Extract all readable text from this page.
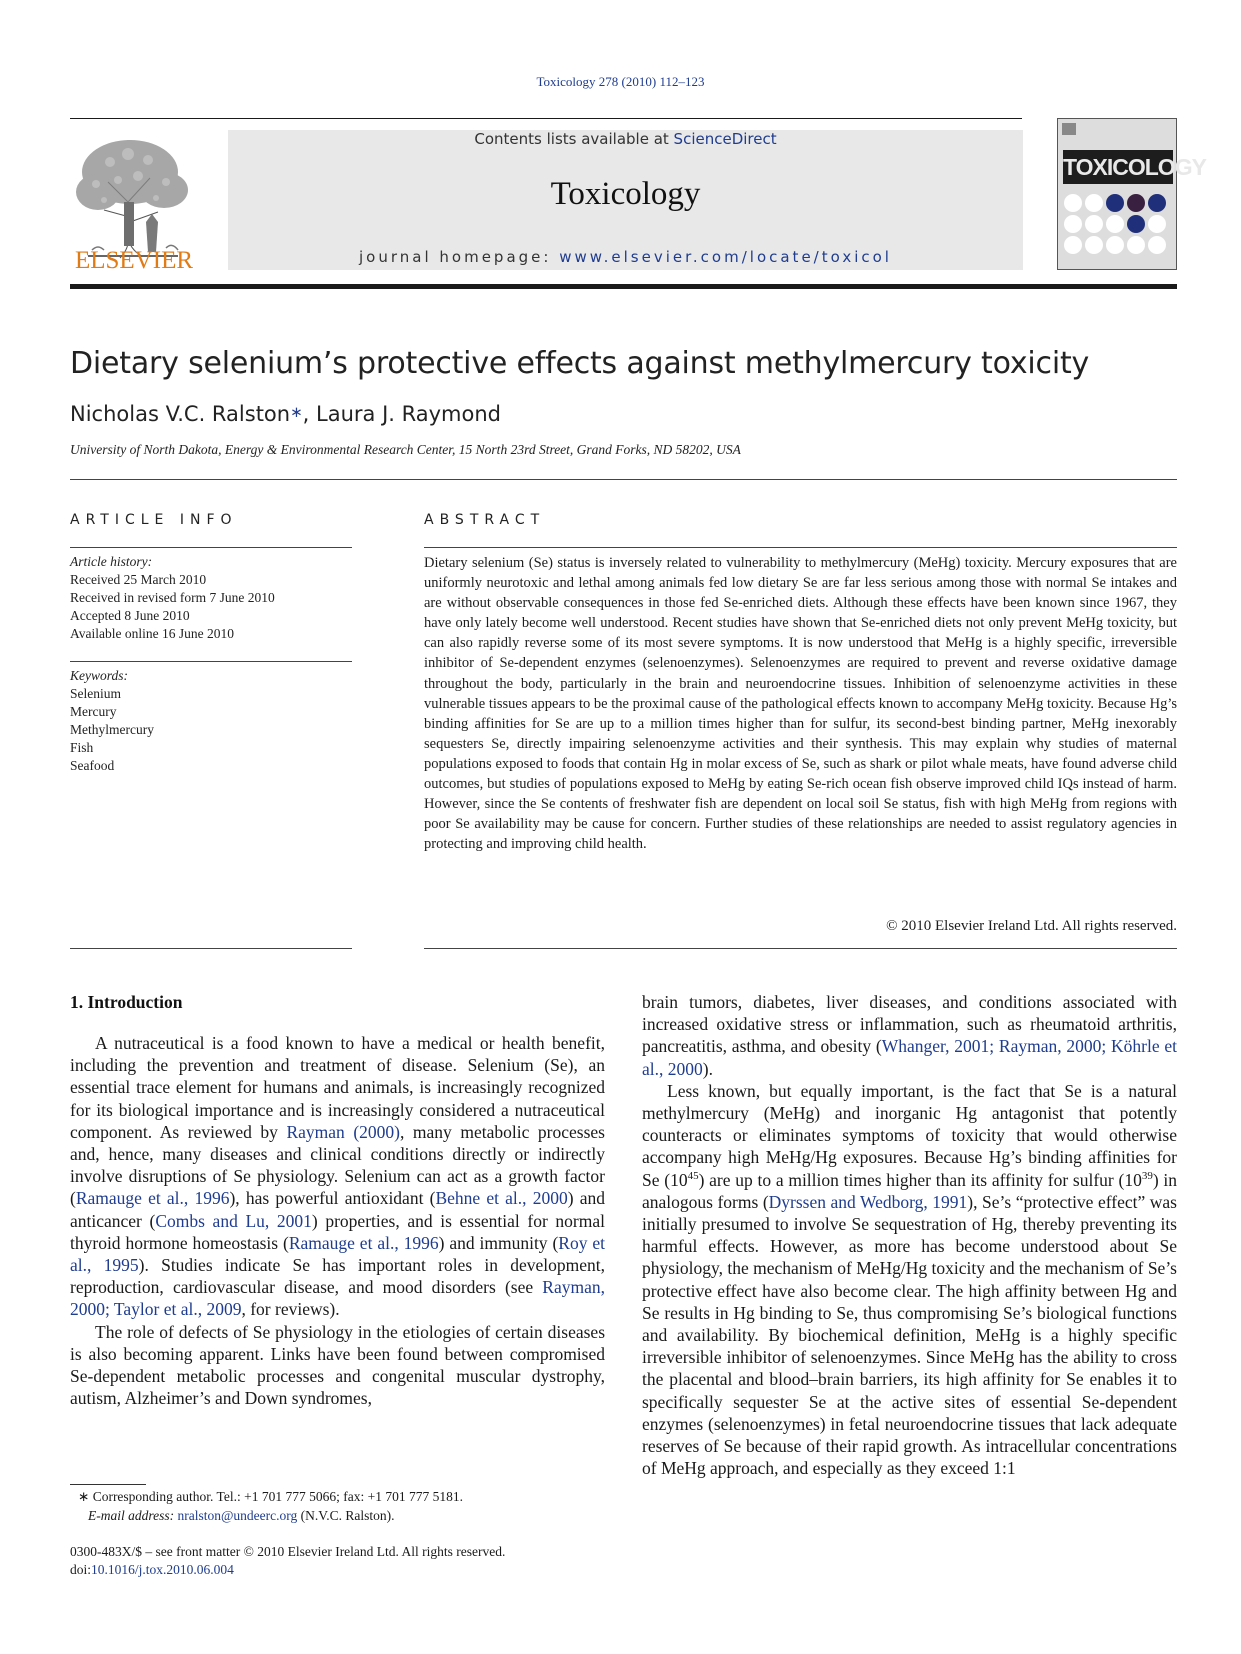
Toxicology 278 (2010) 112–123
ELSEVIER
Contents lists available at ScienceDirect
Toxicology
journal homepage: www.elsevier.com/locate/toxicol
TOXICOLOGY
Dietary selenium’s protective effects against methylmercury toxicity
Nicholas V.C. Ralston∗, Laura J. Raymond
University of North Dakota, Energy & Environmental Research Center, 15 North 23rd Street, Grand Forks, ND 58202, USA
ARTICLE INFO
Article history:
Received 25 March 2010
Received in revised form 7 June 2010
Accepted 8 June 2010
Available online 16 June 2010
Keywords:
Selenium
Mercury
Methylmercury
Fish
Seafood
ABSTRACT
Dietary selenium (Se) status is inversely related to vulnerability to methylmercury (MeHg) toxicity. Mercury exposures that are uniformly neurotoxic and lethal among animals fed low dietary Se are far less serious among those with normal Se intakes and are without observable consequences in those fed Se-enriched diets. Although these effects have been known since 1967, they have only lately become well understood. Recent studies have shown that Se-enriched diets not only prevent MeHg toxicity, but can also rapidly reverse some of its most severe symptoms. It is now understood that MeHg is a highly specific, irreversible inhibitor of Se-dependent enzymes (selenoenzymes). Selenoenzymes are required to prevent and reverse oxidative damage throughout the body, particularly in the brain and neuroendocrine tissues. Inhibition of selenoenzyme activities in these vulnerable tissues appears to be the proximal cause of the pathological effects known to accompany MeHg toxicity. Because Hg’s binding affinities for Se are up to a million times higher than for sulfur, its second-best binding partner, MeHg inexorably sequesters Se, directly impairing selenoenzyme activities and their synthesis. This may explain why studies of maternal populations exposed to foods that contain Hg in molar excess of Se, such as shark or pilot whale meats, have found adverse child outcomes, but studies of populations exposed to MeHg by eating Se-rich ocean fish observe improved child IQs instead of harm. However, since the Se contents of freshwater fish are dependent on local soil Se status, fish with high MeHg from regions with poor Se availability may be cause for concern. Further studies of these relationships are needed to assist regulatory agencies in protecting and improving child health.
© 2010 Elsevier Ireland Ltd. All rights reserved.
1. Introduction

A nutraceutical is a food known to have a medical or health benefit, including the prevention and treatment of disease. Selenium (Se), an essential trace element for humans and animals, is increasingly recognized for its biological importance and is increasingly considered a nutraceutical component. As reviewed by Rayman (2000), many metabolic processes and, hence, many diseases and clinical conditions directly or indirectly involve disruptions of Se physiology. Selenium can act as a growth factor (Ramauge et al., 1996), has powerful antioxidant (Behne et al., 2000) and anticancer (Combs and Lu, 2001) properties, and is essential for normal thyroid hormone homeostasis (Ramauge et al., 1996) and immunity (Roy et al., 1995). Studies indicate Se has important roles in development, reproduction, cardiovascular disease, and mood disorders (see Rayman, 2000; Taylor et al., 2009, for reviews).

The role of defects of Se physiology in the etiologies of certain diseases is also becoming apparent. Links have been found between compromised Se-dependent metabolic processes and congenital muscular dystrophy, autism, Alzheimer’s and Down syndromes,

brain tumors, diabetes, liver diseases, and conditions associated with increased oxidative stress or inflammation, such as rheumatoid arthritis, pancreatitis, asthma, and obesity (Whanger, 2001; Rayman, 2000; Köhrle et al., 2000).

Less known, but equally important, is the fact that Se is a natural methylmercury (MeHg) and inorganic Hg antagonist that potently counteracts or eliminates symptoms of toxicity that would otherwise accompany high MeHg/Hg exposures. Because Hg’s binding affinities for Se $(10^{45})$ are up to a million times higher than its affinity for sulfur $(10^{39})$ in analogous forms (Dyrssen and Wedborg, 1991), Se’s “protective effect” was initially presumed to involve Se sequestration of Hg, thereby preventing its harmful effects. However, as more has become understood about Se physiology, the mechanism of MeHg/Hg toxicity and the mechanism of Se’s protective effect have also become clear. The high affinity between Hg and Se results in Hg binding to Se, thus compromising Se’s biological functions and availability. By biochemical definition, MeHg is a highly specific irreversible inhibitor of selenoenzymes. Since MeHg has the ability to cross the placental and blood–brain barriers, its high affinity for Se enables it to specifically sequester Se at the active sites of essential Se-dependent enzymes (selenoenzymes) in fetal neuroendocrine tissues that lack adequate reserves of Se because of their rapid growth. As intracellular concentrations of MeHg approach, and especially as they exceed 1:1

∗ Corresponding author. Tel.: +1 701 777 5066; fax: +1 701 777 5181.
E-mail address: nralston@undeerc.org (N.V.C. Ralston).
0300-483X/$ – see front matter © 2010 Elsevier Ireland Ltd. All rights reserved.
doi:10.1016/j.tox.2010.06.004
